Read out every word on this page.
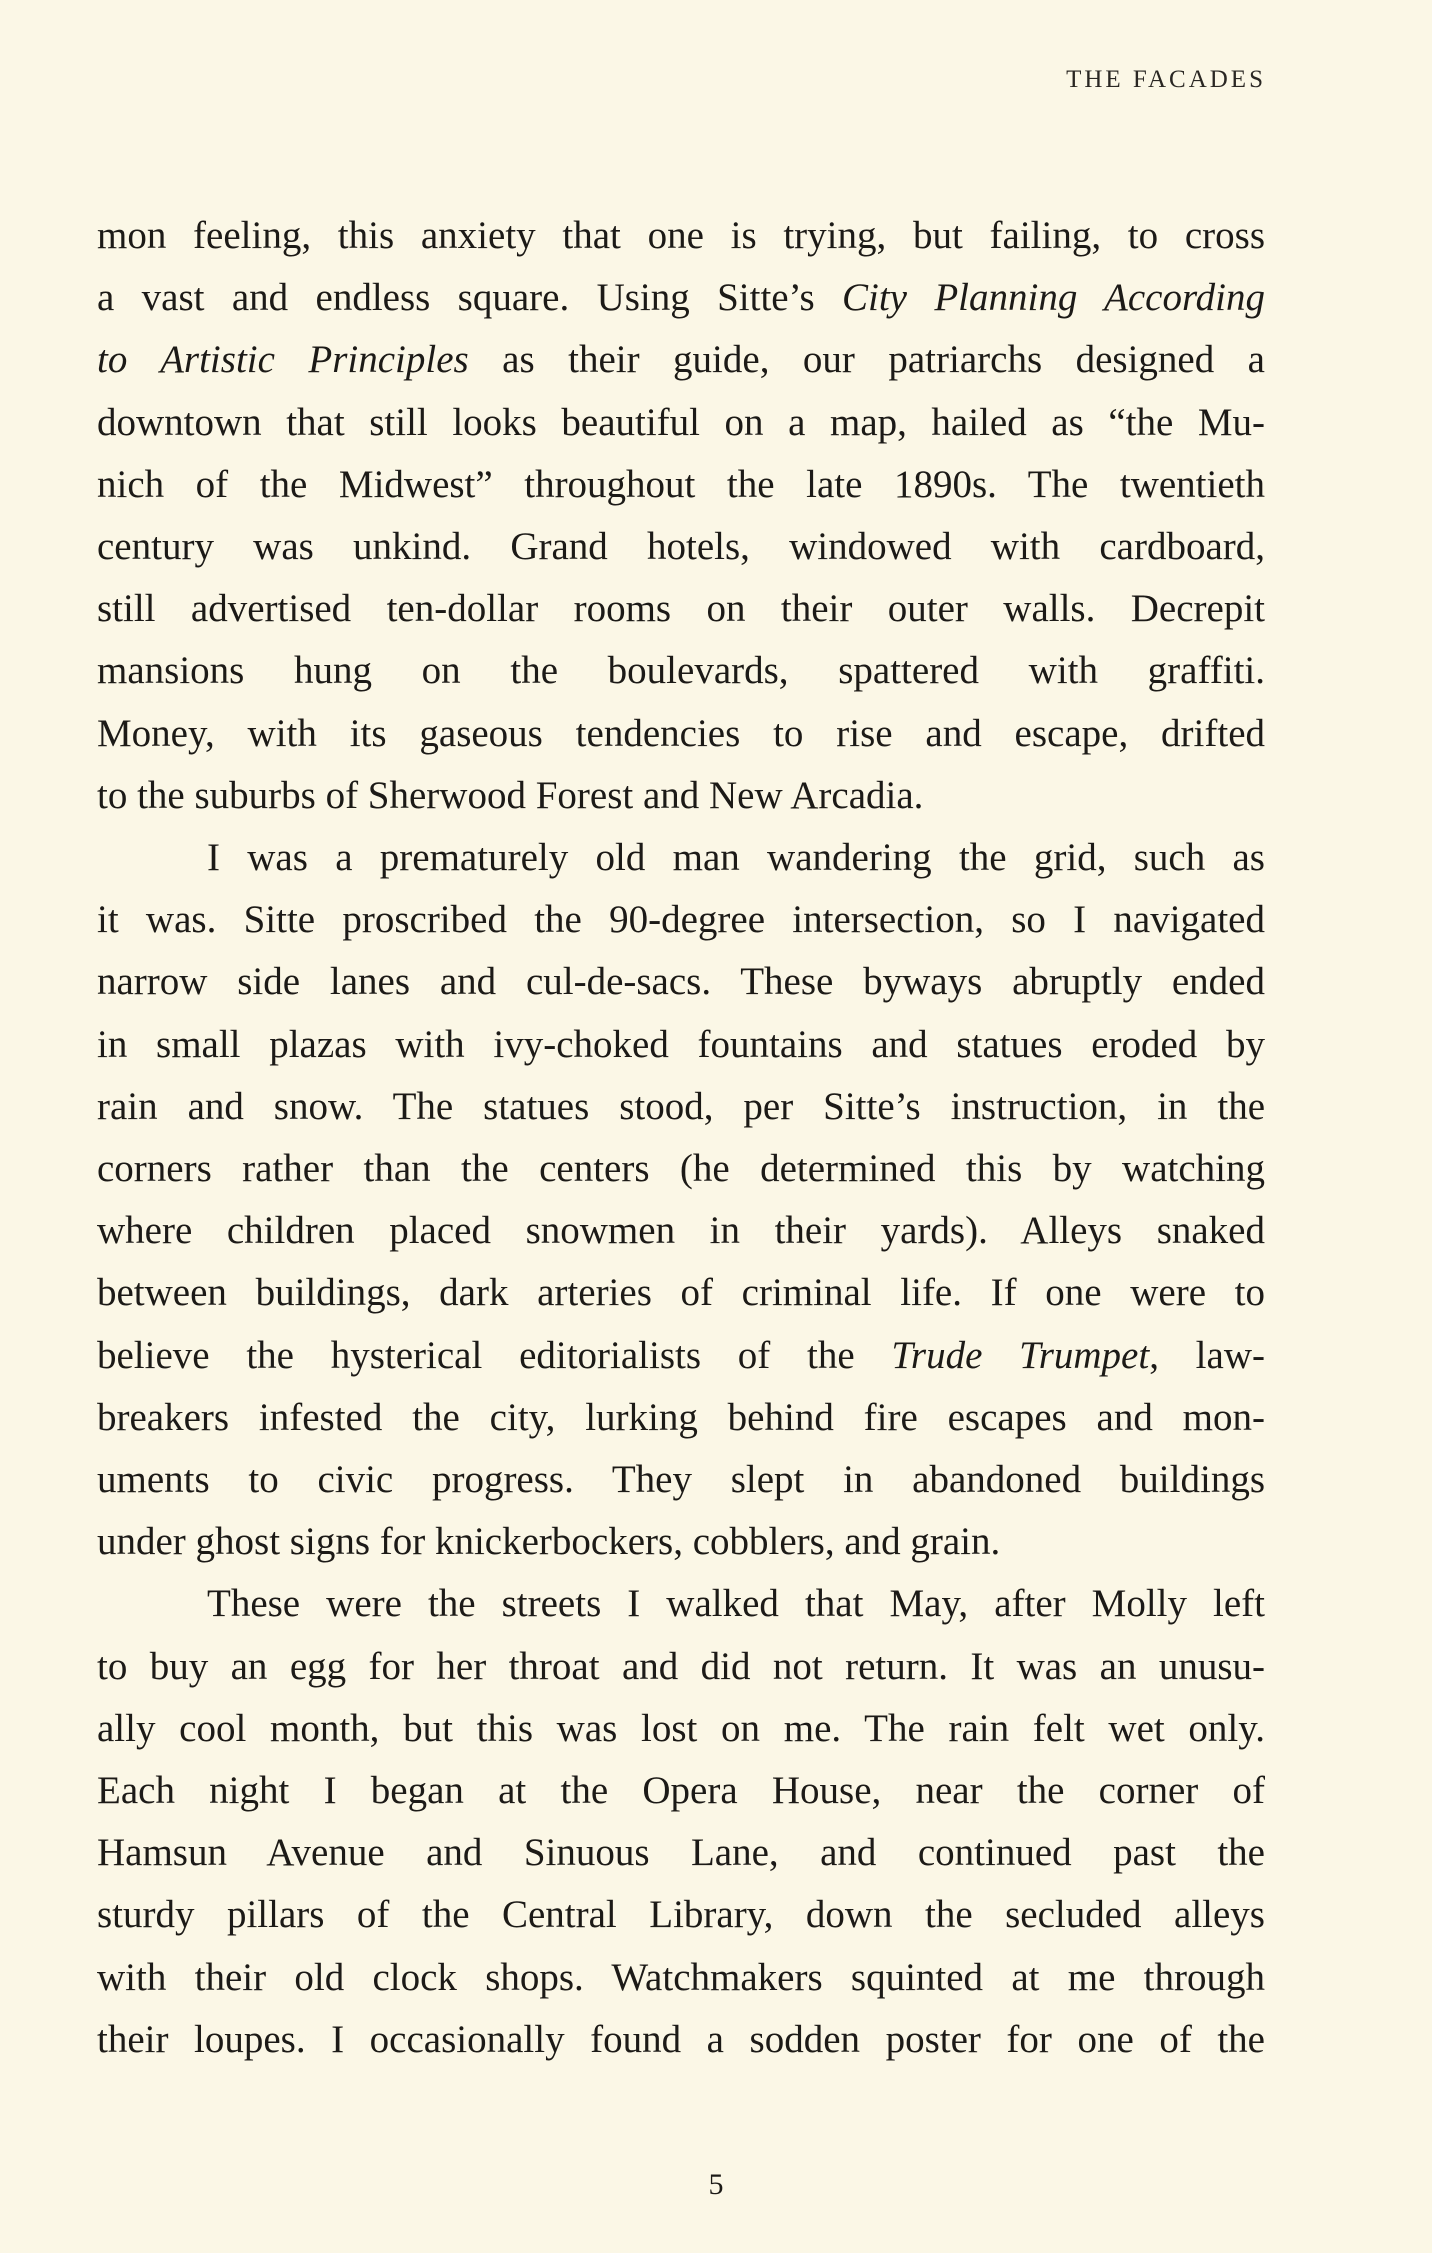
THE FACADES

mon feeling, this anxiety that one is trying, but failing, to cross
a vast and endless square. Using Sitte’s City Planning According
to Artistic Principles as their guide, our patriarchs designed a
downtown that still looks beautiful on a map, hailed as “the Mu-
nich of the Midwest” throughout the late 1890s. The twentieth
century was unkind. Grand hotels, windowed with cardboard,
still advertised ten-dollar rooms on their outer walls. Decrepit
mansions hung on the boulevards, spattered with graffiti.
Money, with its gaseous tendencies to rise and escape, drifted
to the suburbs of Sherwood Forest and New Arcadia.

I was a prematurely old man wandering the grid, such as
it was. Sitte proscribed the 90-degree intersection, so I navigated
narrow side lanes and cul-de-sacs. These byways abruptly ended
in small plazas with ivy-choked fountains and statues eroded by
rain and snow. The statues stood, per Sitte’s instruction, in the
corners rather than the centers (he determined this by watching
where children placed snowmen in their yards). Alleys snaked
between buildings, dark arteries of criminal life. If one were to
believe the hysterical editorialists of the Trude Trumpet, law-
breakers infested the city, lurking behind fire escapes and mon-
uments to civic progress. They slept in abandoned buildings
under ghost signs for knickerbockers, cobblers, and grain.

These were the streets I walked that May, after Molly left
to buy an egg for her throat and did not return. It was an unusu-
ally cool month, but this was lost on me. The rain felt wet only.
Each night I began at the Opera House, near the corner of
Hamsun Avenue and Sinuous Lane, and continued past the
sturdy pillars of the Central Library, down the secluded alleys
with their old clock shops. Watchmakers squinted at me through
their loupes. I occasionally found a sodden poster for one of the

5
